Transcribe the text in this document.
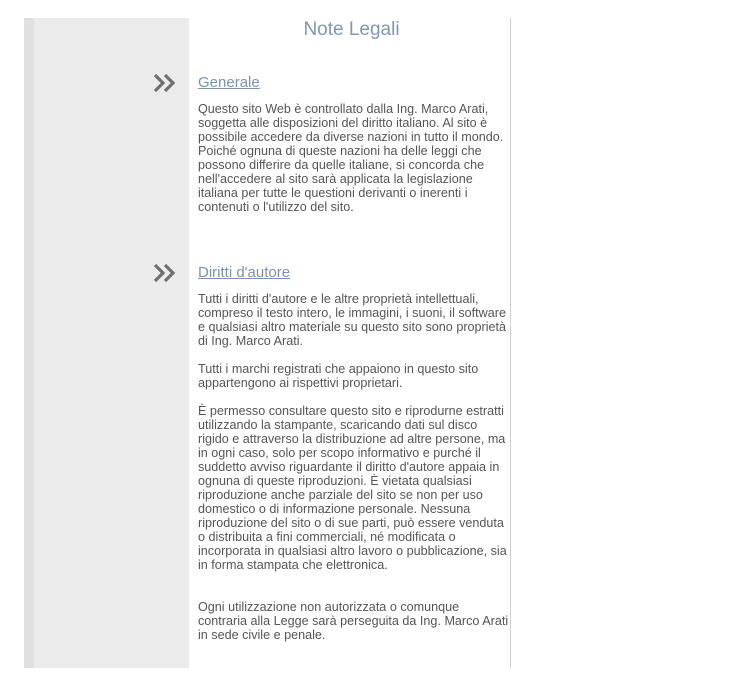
Note Legali
Generale

Questo sito Web è controllato dalla Ing. Marco Arati, soggetta alle disposizioni del diritto italiano. Al sito è possibile accedere da diverse nazioni in tutto il mondo. Poiché ognuna di queste nazioni ha delle leggi che possono differire da quelle italiane, si concorda che nell'accedere al sito sarà applicata la legislazione italiana per tutte le questioni derivanti o inerenti i contenuti o l'utilizzo del sito.

Diritti d'autore

Tutti i diritti d'autore e le altre proprietà intellettuali, compreso il testo intero, le immagini, i suoni, il software e qualsiasi altro materiale su questo sito sono proprietà di Ing. Marco Arati.

Tutti i marchi registrati che appaiono in questo sito appartengono ai rispettivi proprietari.

È permesso consultare questo sito e riprodurne estratti utilizzando la stampante, scaricando dati sul disco rigido e attraverso la distribuzione ad altre persone, ma in ogni caso, solo per scopo informativo e purché il suddetto avviso riguardante il diritto d'autore appaia in ognuna di queste riproduzioni. È vietata qualsiasi riproduzione anche parziale del sito se non per uso domestico o di informazione personale. Nessuna riproduzione del sito o di sue parti, può essere venduta o distribuita a fini commerciali, né modificata o incorporata in qualsiasi altro lavoro o pubblicazione, sia in forma stampata che elettronica.

Ogni utilizzazione non autorizzata o comunque contraria alla Legge sarà perseguita da Ing. Marco Arati in sede civile e penale.
